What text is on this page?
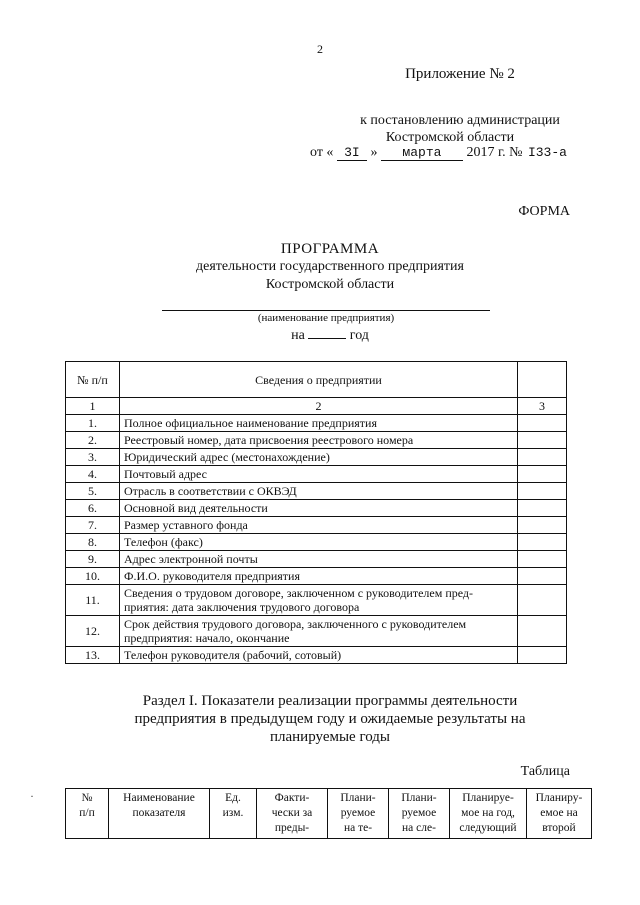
2
Приложение № 2
к постановлению администрации
Костромской области
от « 3I » марта 2017 г. № I33-а
ФОРМА
ПРОГРАММА
деятельности государственного предприятия
Костромской области
(наименование предприятия)
на	год
№ п/п	Сведения о предприятии	
1	2	3
1.	Полное официальное наименование предприятия	
2.	Реестровый номер, дата присвоения реестрового номера	
3.	Юридический адрес (местонахождение)	
4.	Почтовый адрес	
5.	Отрасль в соответствии с ОКВЭД	
6.	Основной вид деятельности	
7.	Размер уставного фонда	
8.	Телефон (факс)	
9.	Адрес электронной почты	
10.	Ф.И.О. руководителя предприятия	
11.	Сведения о трудовом договоре, заключенном с руководителем пред-приятия: дата заключения трудового договора	
12.	Срок действия трудового договора, заключенного с руководителем предприятия: начало, окончание	
13.	Телефон руководителя (рабочий, сотовый)	
Раздел I. Показатели реализации программы деятельности
предприятия в предыдущем году и ожидаемые результаты на
планируемые годы
Таблица
·	№
п/п

Наименование
показателя

Ед.
изм.

Факти-
чески за
преды-

Плани-
руемое
на те-

Плани-
руемое
на сле-

Планируе-
мое на год,
следующий

Планиру-
емое на
второй
